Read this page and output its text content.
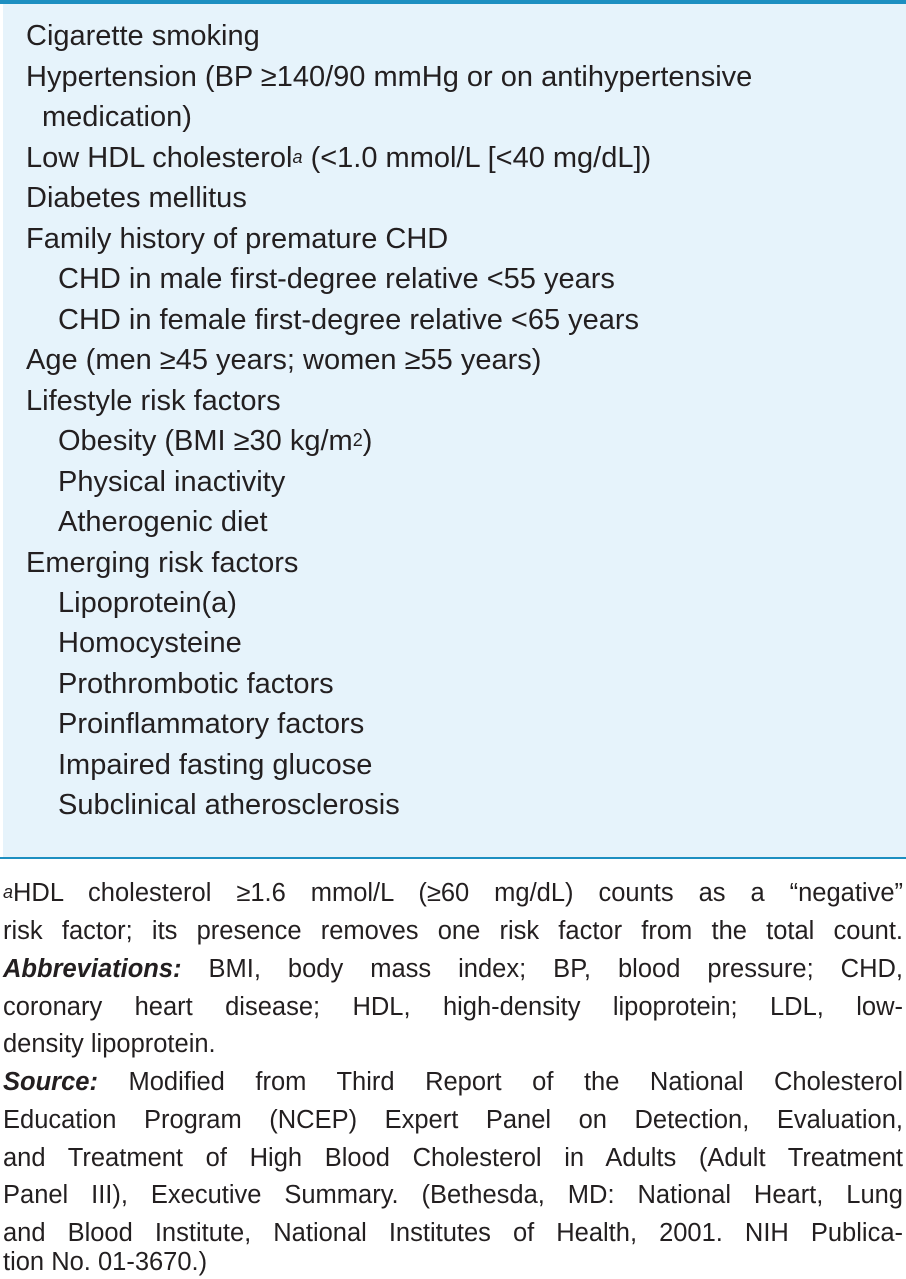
Cigarette smoking
Hypertension (BP ≥140/90 mmHg or on antihypertensive
medication)
Low HDL cholesterol$^a$ (<1.0 mmol/L [<40 mg/dL])
Diabetes mellitus
Family history of premature CHD
CHD in male first-degree relative <55 years
CHD in female first-degree relative <65 years
Age (men ≥45 years; women ≥55 years)
Lifestyle risk factors
Obesity (BMI ≥30 $kg/m^2$)
Physical inactivity
Atherogenic diet
Emerging risk factors
Lipoprotein(a)
Homocysteine
Prothrombotic factors
Proinflammatory factors
Impaired fasting glucose
Subclinical atherosclerosis
$^a$HDL cholesterol ≥1.6 mmol/L (≥60 mg/dL) counts as a “negative”
risk factor; its presence removes one risk factor from the total count.
Abbreviations: BMI, body mass index; BP, blood pressure; CHD,
coronary heart disease; HDL, high-density lipoprotein; LDL, low-
density lipoprotein.
Source: Modified from Third Report of the National Cholesterol
Education Program (NCEP) Expert Panel on Detection, Evaluation,
and Treatment of High Blood Cholesterol in Adults (Adult Treatment
Panel III), Executive Summary. (Bethesda, MD: National Heart, Lung
and Blood Institute, National Institutes of Health, 2001. NIH Publica-
tion No. 01-3670.)
